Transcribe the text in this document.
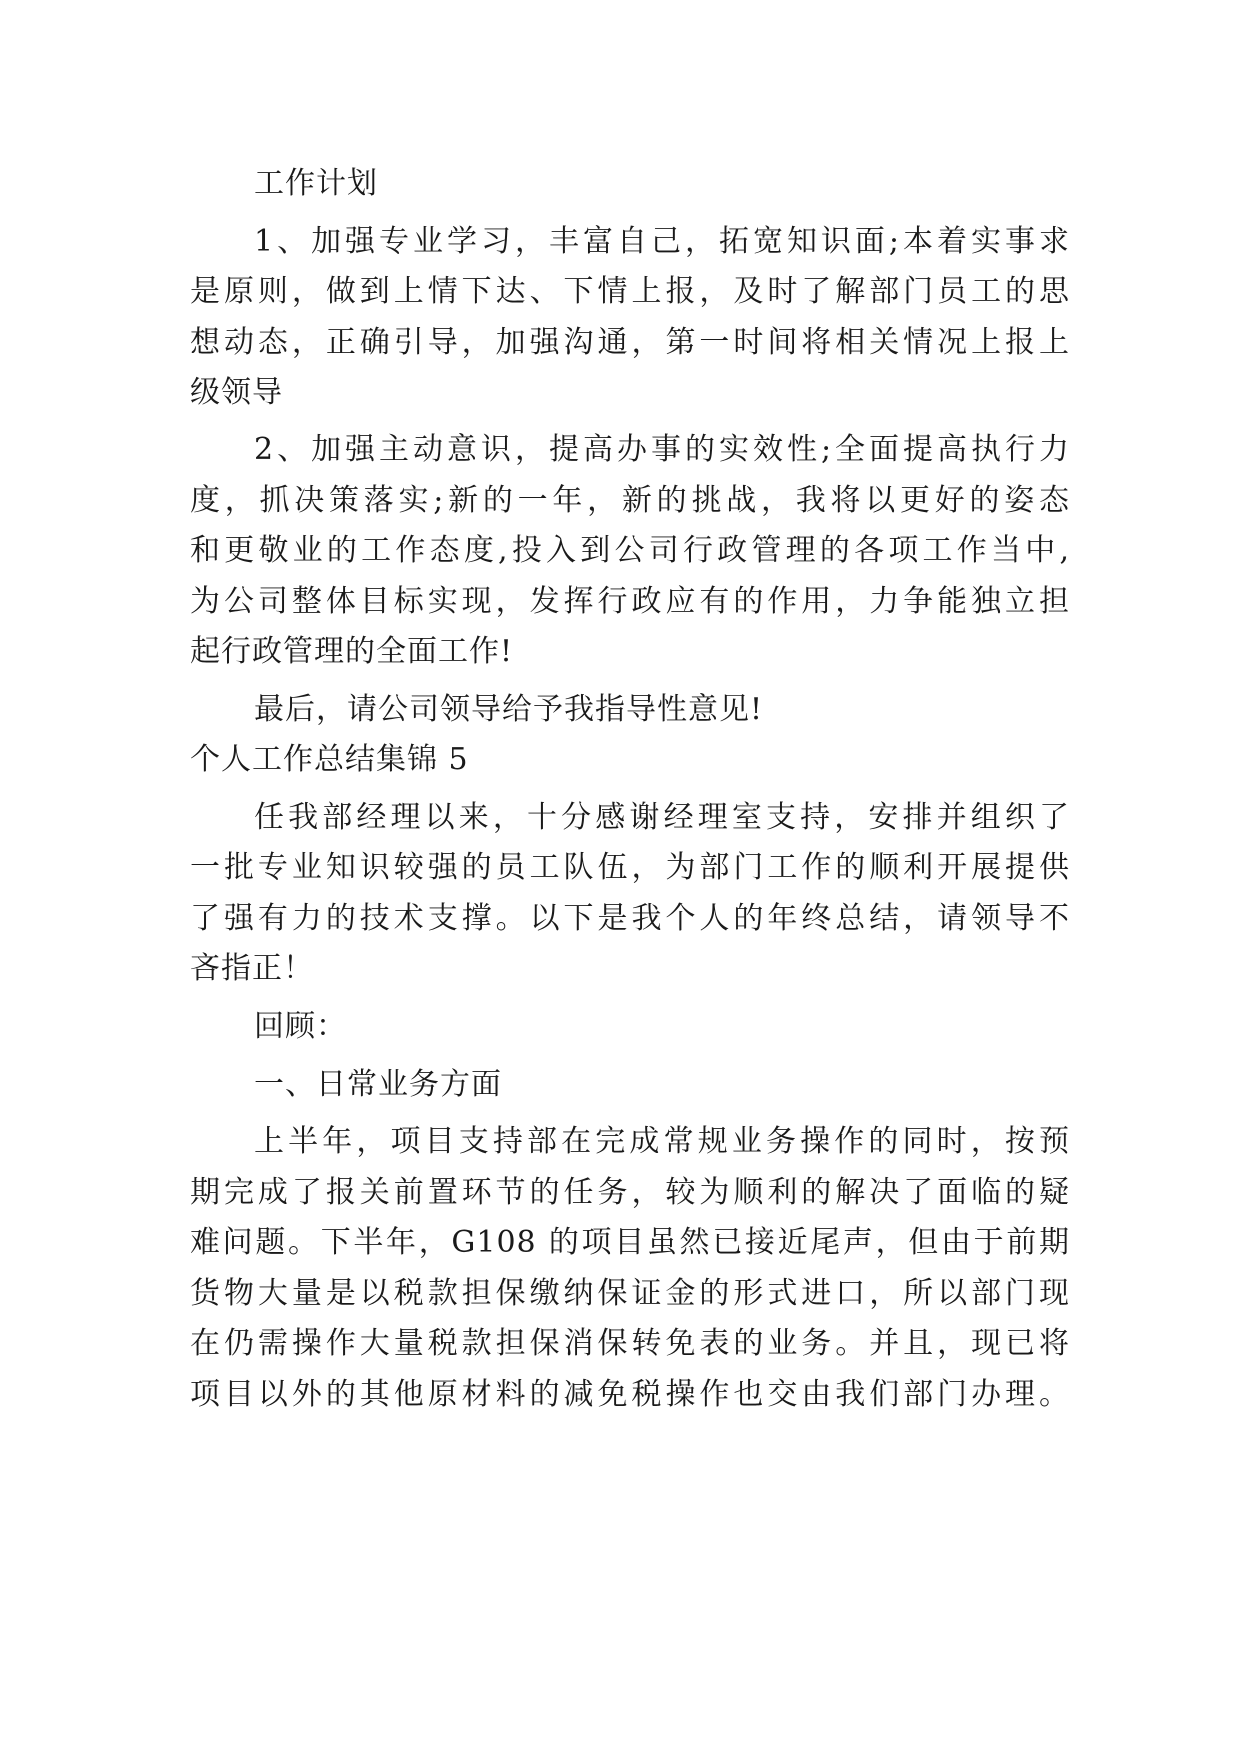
工作计划
1、加强专业学习，丰富自己，拓宽知识面;本着实事求
是原则，做到上情下达、下情上报，及时了解部门员工的思
想动态，正确引导，加强沟通，第一时间将相关情况上报上
级领导
2、加强主动意识，提高办事的实效性;全面提高执行力
度，抓决策落实;新的一年，新的挑战，我将以更好的姿态
和更敬业的工作态度,投入到公司行政管理的各项工作当中,
为公司整体目标实现，发挥行政应有的作用，力争能独立担
起行政管理的全面工作!
最后，请公司领导给予我指导性意见!
个人工作总结集锦 5
任我部经理以来，十分感谢经理室支持，安排并组织了
一批专业知识较强的员工队伍，为部门工作的顺利开展提供
了强有力的技术支撑。以下是我个人的年终总结，请领导不
吝指正！
回顾：
一、日常业务方面
上半年，项目支持部在完成常规业务操作的同时，按预
期完成了报关前置环节的任务，较为顺利的解决了面临的疑
难问题。下半年，G108 的项目虽然已接近尾声，但由于前期
货物大量是以税款担保缴纳保证金的形式进口，所以部门现
在仍需操作大量税款担保消保转免表的业务。并且，现已将
项目以外的其他原材料的减免税操作也交由我们部门办理。
